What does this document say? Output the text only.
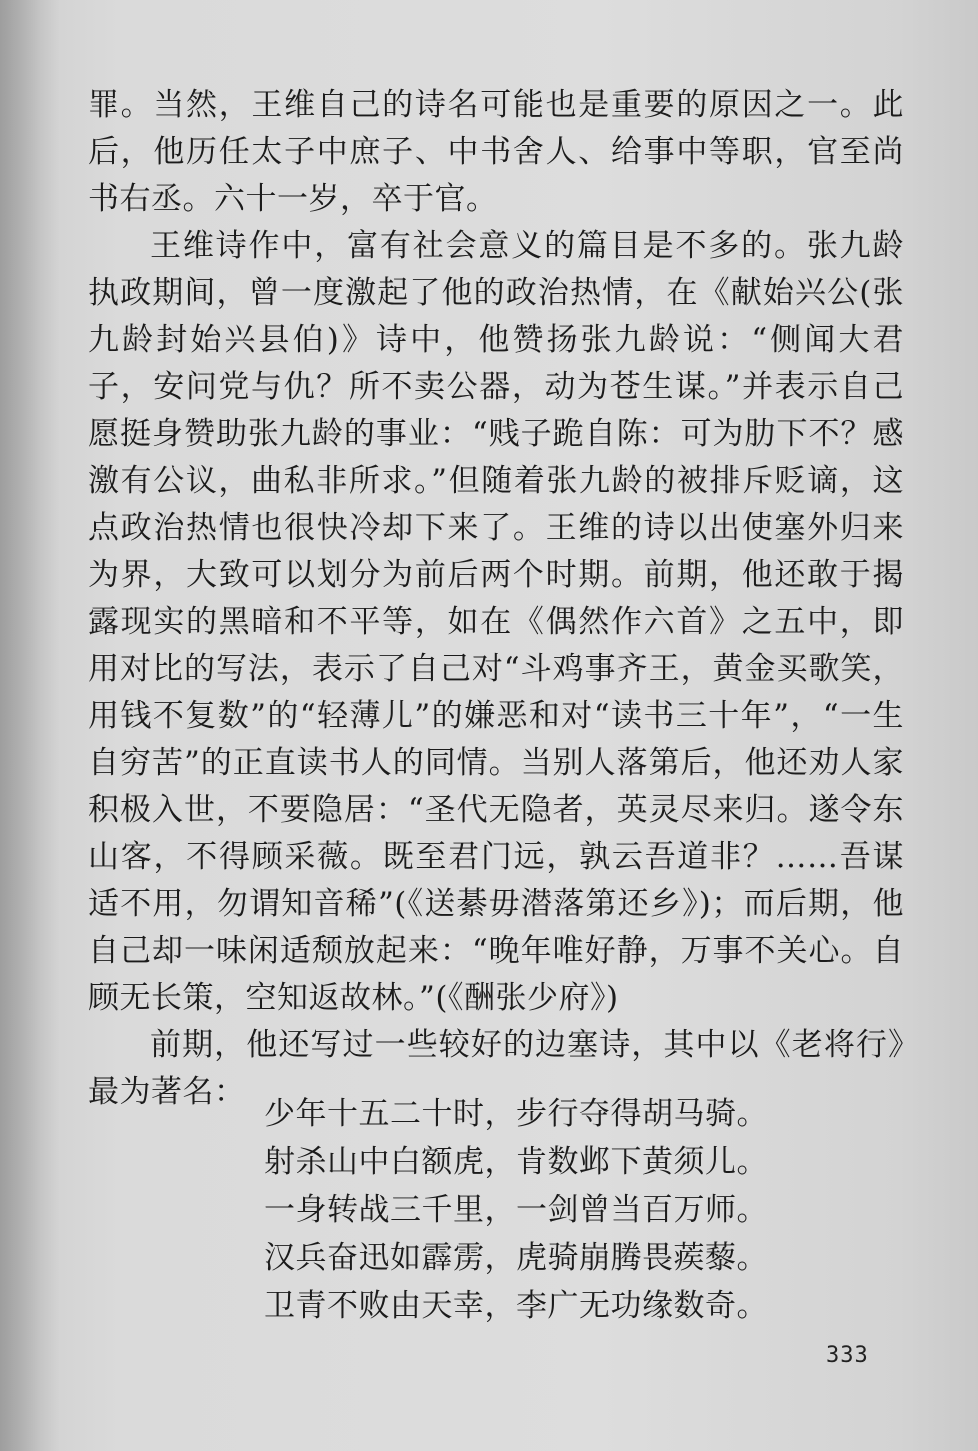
罪。当然，王维自己的诗名可能也是重要的原因之一。此后，他历任太子中庶子、中书舍人、给事中等职，官至尚书右丞。六十一岁，卒于官。

王维诗作中，富有社会意义的篇目是不多的。张九龄执政期间，曾一度激起了他的政治热情，在《献始兴公(张九龄封始兴县伯)》诗中，他赞扬张九龄说：“侧闻大君子，安问党与仇？所不卖公器，动为苍生谋。”并表示自己愿挺身赞助张九龄的事业：“贱子跪自陈：可为肋下不？感激有公议，曲私非所求。”但随着张九龄的被排斥贬谪，这点政治热情也很快冷却下来了。王维的诗以出使塞外归来为界，大致可以划分为前后两个时期。前期，他还敢于揭露现实的黑暗和不平等，如在《偶然作六首》之五中，即用对比的写法，表示了自己对“斗鸡事齐王，黄金买歌笑，用钱不复数”的“轻薄儿”的嫌恶和对“读书三十年”，“一生自穷苦”的正直读书人的同情。当别人落第后，他还劝人家积极入世，不要隐居：“圣代无隐者，英灵尽来归。遂令东山客，不得顾采薇。既至君门远，孰云吾道非？……吾谋适不用，勿谓知音稀”(《送綦毋潜落第还乡》)；而后期，他自己却一味闲适颓放起来：“晚年唯好静，万事不关心。自顾无长策，空知返故林。”(《酬张少府》)

前期，他还写过一些较好的边塞诗，其中以《老将行》最为著名：

少年十五二十时，步行夺得胡马骑。
射杀山中白额虎，肯数邺下黄须儿。
一身转战三千里，一剑曾当百万师。
汉兵奋迅如霹雳，虎骑崩腾畏蒺藜。
卫青不败由天幸，李广无功缘数奇。
333
